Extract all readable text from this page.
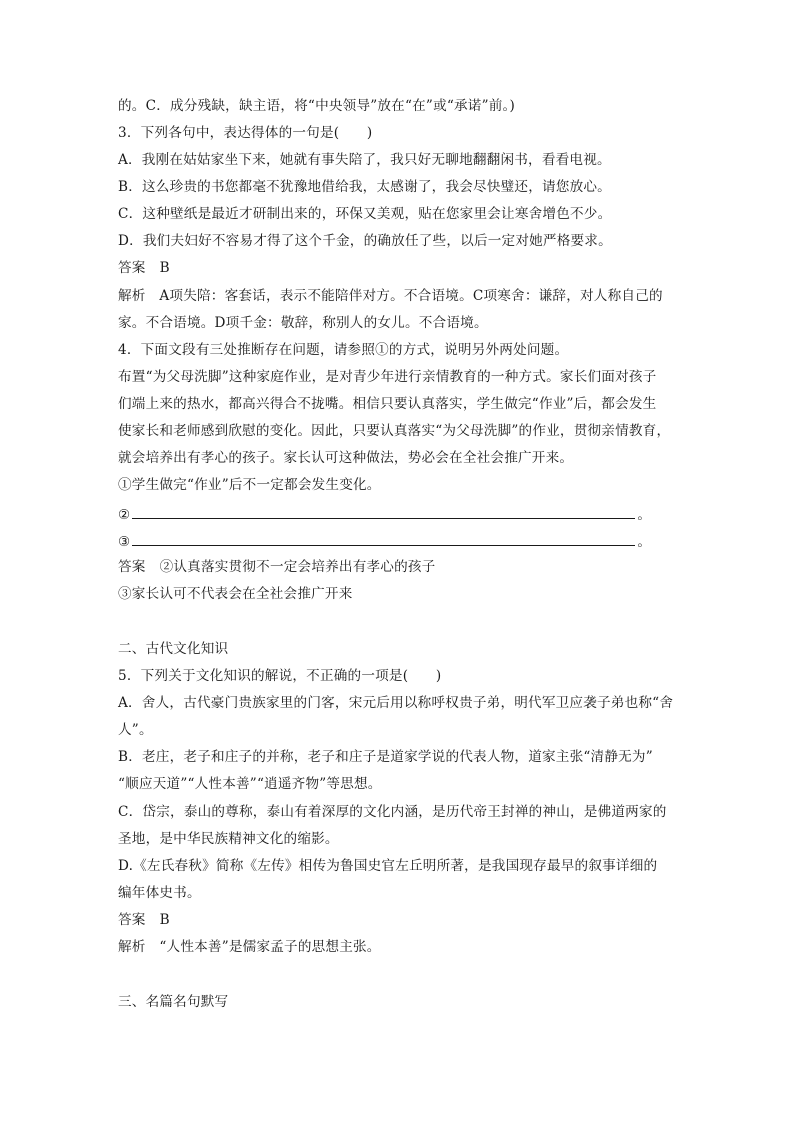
的。C．成分残缺，缺主语，将“中央领导”放在“在”或“承诺”前。)
3．下列各句中，表达得体的一句是(　　)
A．我刚在姑姑家坐下来，她就有事失陪了，我只好无聊地翻翻闲书，看看电视。
B．这么珍贵的书您都毫不犹豫地借给我，太感谢了，我会尽快璧还，请您放心。
C．这种壁纸是最近才研制出来的，环保又美观，贴在您家里会让寒舍增色不少。
D．我们夫妇好不容易才得了这个千金，的确放任了些，以后一定对她严格要求。
答案 B
解析　A项失陪：客套话，表示不能陪伴对方。不合语境。C项寒舍：谦辞，对人称自己的
家。不合语境。D项千金：敬辞，称别人的女儿。不合语境。
4．下面文段有三处推断存在问题，请参照①的方式，说明另外两处问题。
布置“为父母洗脚”这种家庭作业，是对青少年进行亲情教育的一种方式。家长们面对孩子
们端上来的热水，都高兴得合不拢嘴。相信只要认真落实，学生做完“作业”后，都会发生
使家长和老师感到欣慰的变化。因此，只要认真落实“为父母洗脚”的作业，贯彻亲情教育，
就会培养出有孝心的孩子。家长认可这种做法，势必会在全社会推广开来。
①学生做完“作业”后不一定都会发生变化。
②	。
③	。
答案 ②认真落实贯彻不一定会培养出有孝心的孩子
③家长认可不代表会在全社会推广开来
二、古代文化知识
5．下列关于文化知识的解说，不正确的一项是(　　)
A．舍人，古代豪门贵族家里的门客，宋元后用以称呼权贵子弟，明代军卫应袭子弟也称“舍
人”。
B．老庄，老子和庄子的并称，老子和庄子是道家学说的代表人物，道家主张“清静无为”
“顺应天道”“人性本善”“逍遥齐物”等思想。
C．岱宗，泰山的尊称，泰山有着深厚的文化内涵，是历代帝王封禅的神山，是佛道两家的
圣地，是中华民族精神文化的缩影。
D.《左氏春秋》简称《左传》相传为鲁国史官左丘明所著，是我国现存最早的叙事详细的
编年体史书。
答案 B
解析　“人性本善”是儒家孟子的思想主张。
三、名篇名句默写
